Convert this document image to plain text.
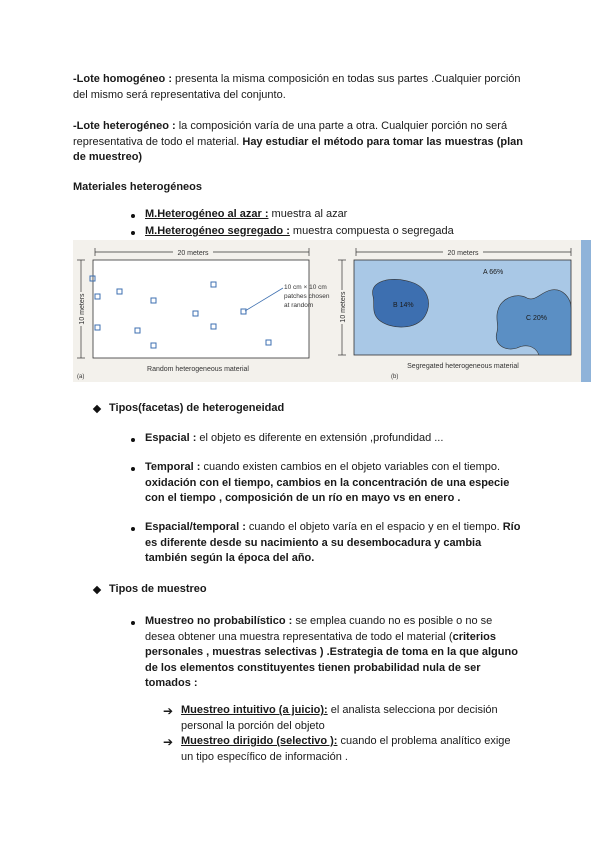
-Lote homogéneo : presenta la misma composición en todas sus partes .Cualquier porción del mismo será representativa del conjunto.
-Lote heterogéneo : la composición varía de una parte a otra. Cualquier porción no será representativa de todo el material. Hay estudiar el método para tomar las muestras (plan de muestreo)
Materiales heterogéneos
M.Heterogéneo al azar : muestra al azar
M.Heterogéneo segregado : muestra compuesta o segregada
20 meters
10 meters
10 cm × 10 cm
patches chosen
at random
(a)
Random heterogeneous material
20 meters
10 meters
A 66%
B 14%
C 20%
(b)
Segregated heterogeneous material
Tipos(facetas) de heterogeneidad
Espacial : el objeto es diferente en extensión ,profundidad ...
Temporal : cuando existen cambios en el objeto variables con el tiempo. oxidación con el tiempo, cambios en la concentración de una especie con el tiempo , composición de un río en mayo vs en enero .
Espacial/temporal : cuando el objeto varía en el espacio y en el tiempo. Río es diferente desde su nacimiento a su desembocadura y cambia también según la época del año.
Tipos de muestreo
Muestreo no probabilístico : se emplea cuando no es posible o no se desea obtener una muestra representativa de todo el material (criterios personales , muestras selectivas ) .Estrategia de toma en la que alguno de los elementos constituyentes tienen probabilidad nula de ser tomados :
➔ Muestreo intuitivo (a juicio): el analista selecciona por decisión personal la porción del objeto
➔ Muestreo dirigido (selectivo ): cuando el problema analítico exige un tipo específico de información .
